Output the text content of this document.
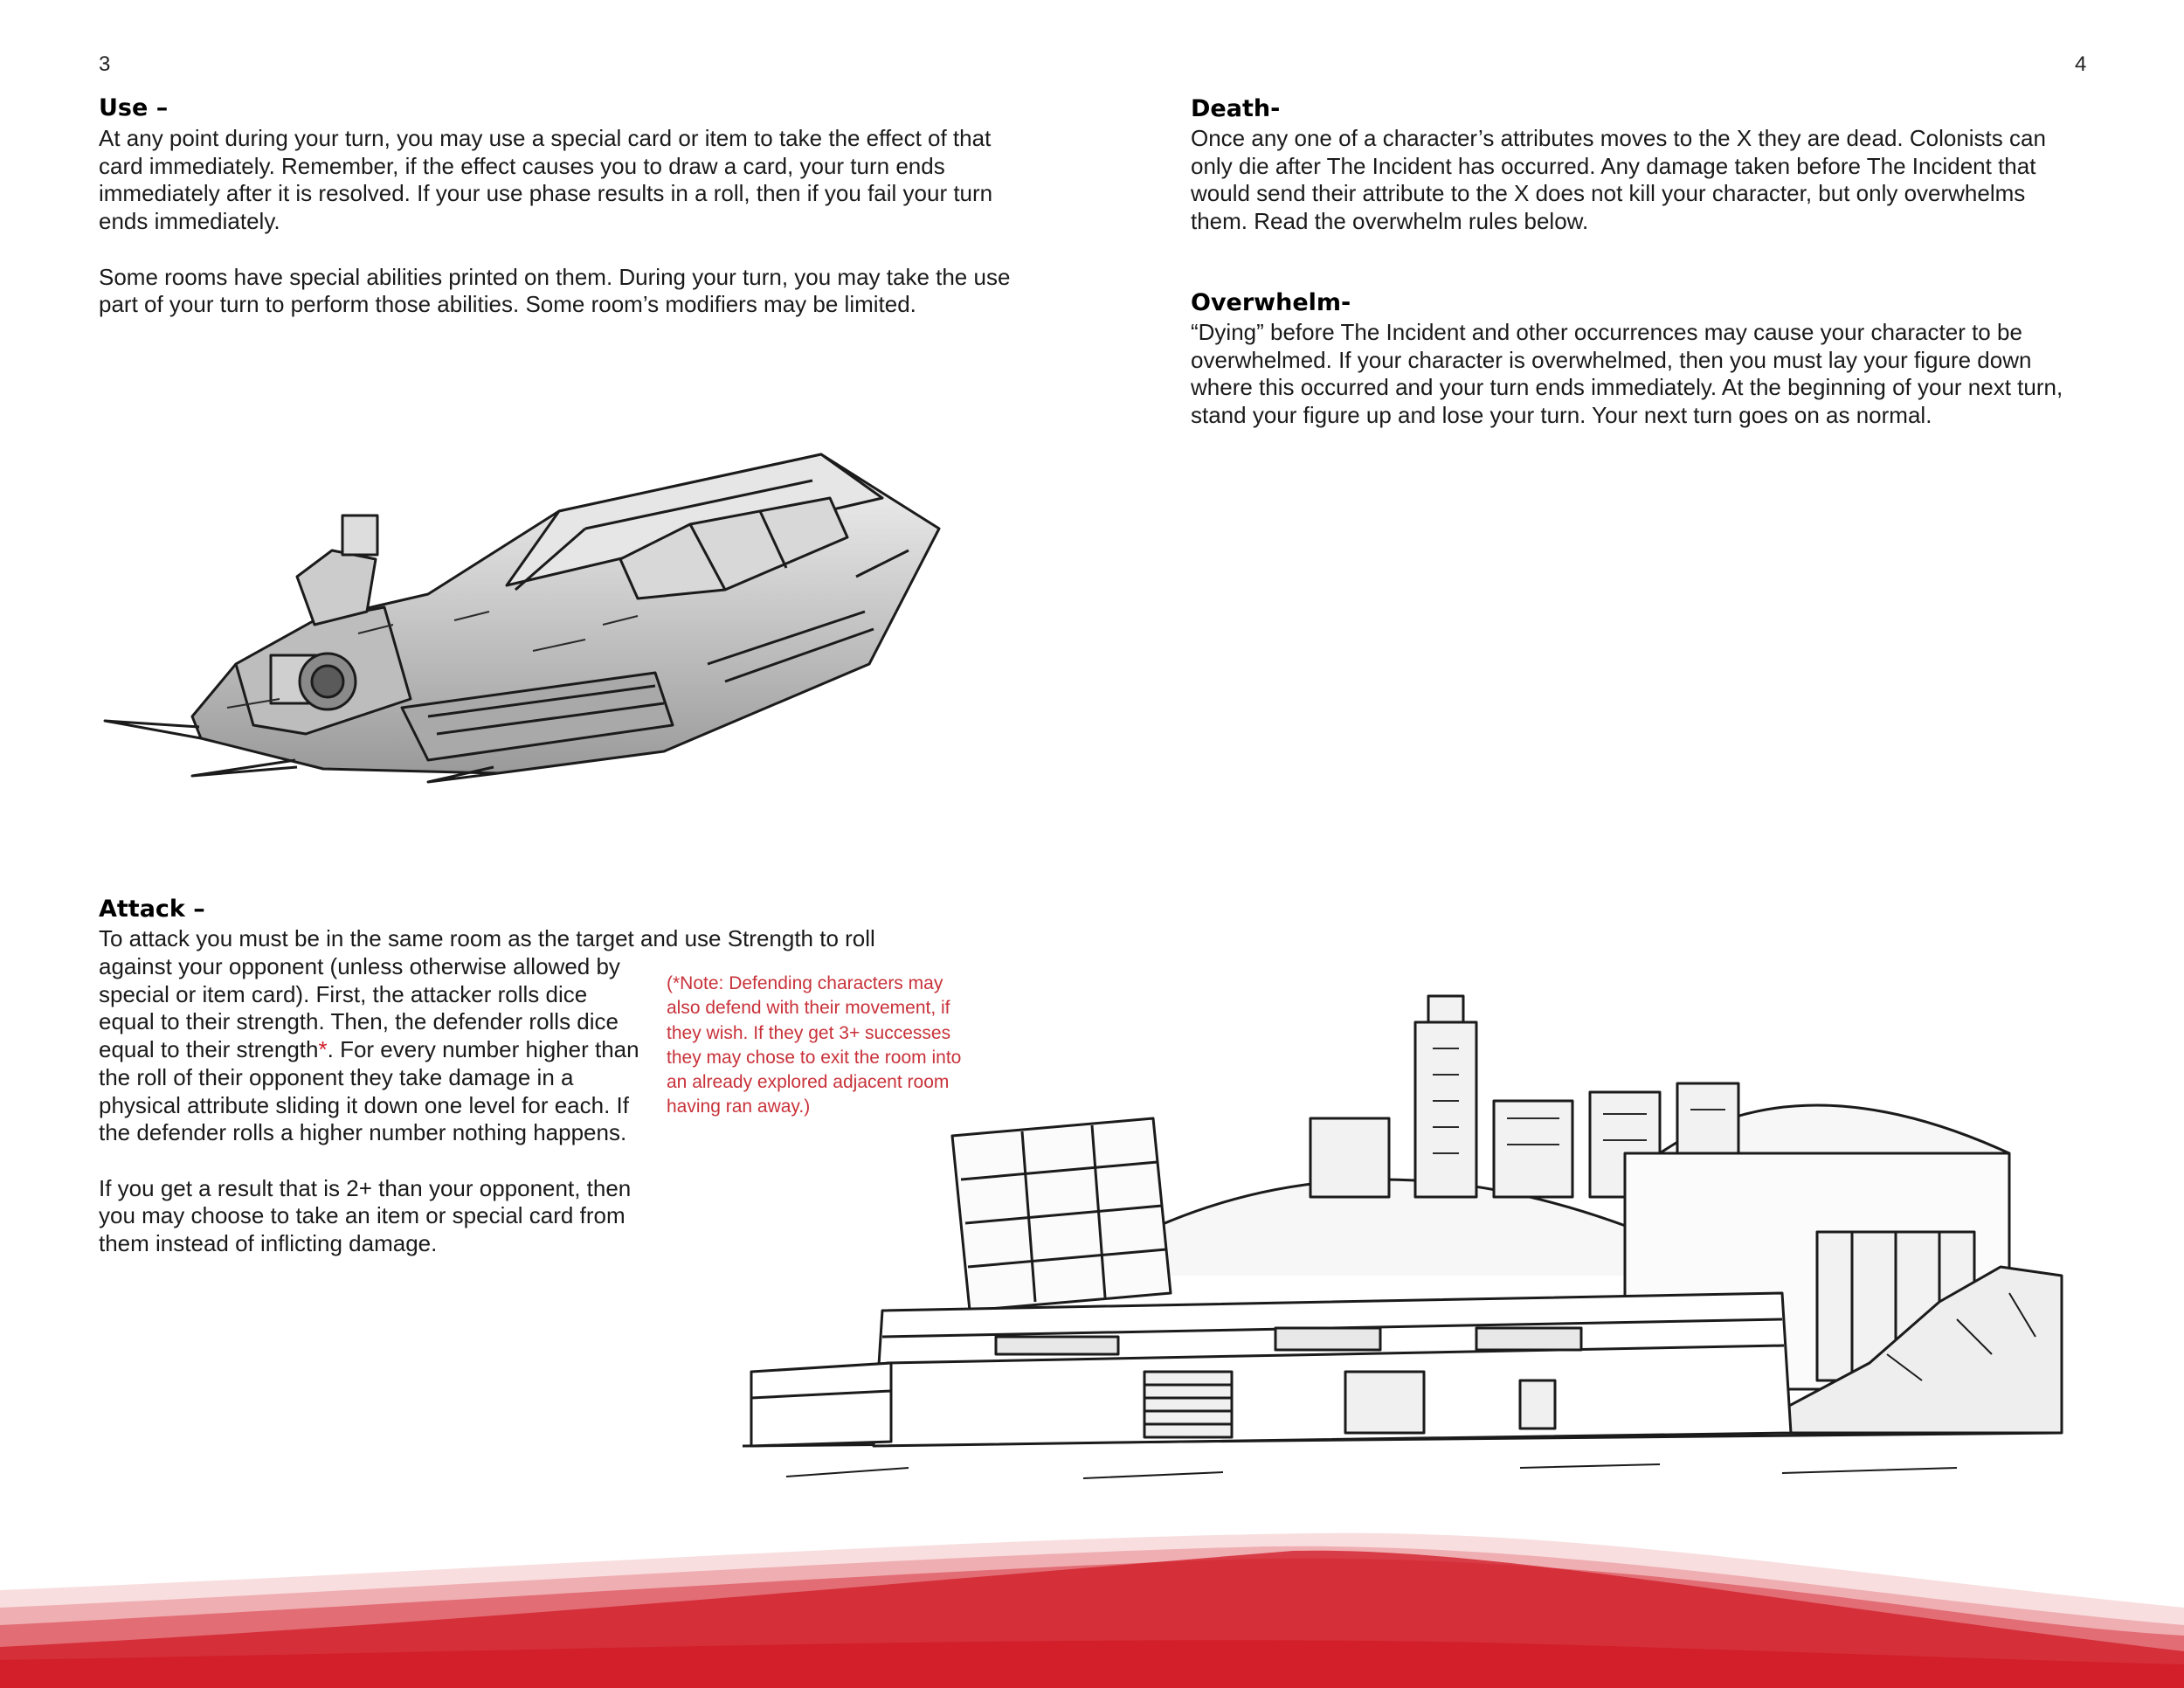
3	4
Use –

At any point during your turn, you may use a special card or item to take the effect of that card immediately. Remember, if the effect causes you to draw a card, your turn ends immediately after it is resolved. If your use phase results in a roll, then if you fail your turn ends immediately.

Some rooms have special abilities printed on them. During your turn, you may take the use part of your turn to perform those abilities. Some room’s modifiers may be limited.

Death-

Once any one of a character’s attributes moves to the X they are dead. Colonists can only die after The Incident has occurred. Any damage taken before The Incident that would send their attribute to the X does not kill your character, but only overwhelms them. Read the overwhelm rules below.

Overwhelm-

“Dying” before The Incident and other occurrences may cause your character to be overwhelmed. If your character is overwhelmed, then you must lay your figure down where this occurred and your turn ends immediately. At the beginning of your next turn, stand your figure up and lose your turn. Your next turn goes on as normal.

Attack –
To attack you must be in the same room as the target and use Strength to roll

against your opponent (unless otherwise allowed by special or item card). First, the attacker rolls dice equal to their strength. Then, the defender rolls dice equal to their strength*. For every number higher than the roll of their opponent they take damage in a physical attribute sliding it down one level for each. If the defender rolls a higher number nothing happens.

If you get a result that is 2+ than your opponent, then you may choose to take an item or special card from them instead of inflicting damage.

(*Note: Defending characters may also defend with their movement, if they wish. If they get 3+ successes they may chose to exit the room into an already explored adjacent room having ran away.)
